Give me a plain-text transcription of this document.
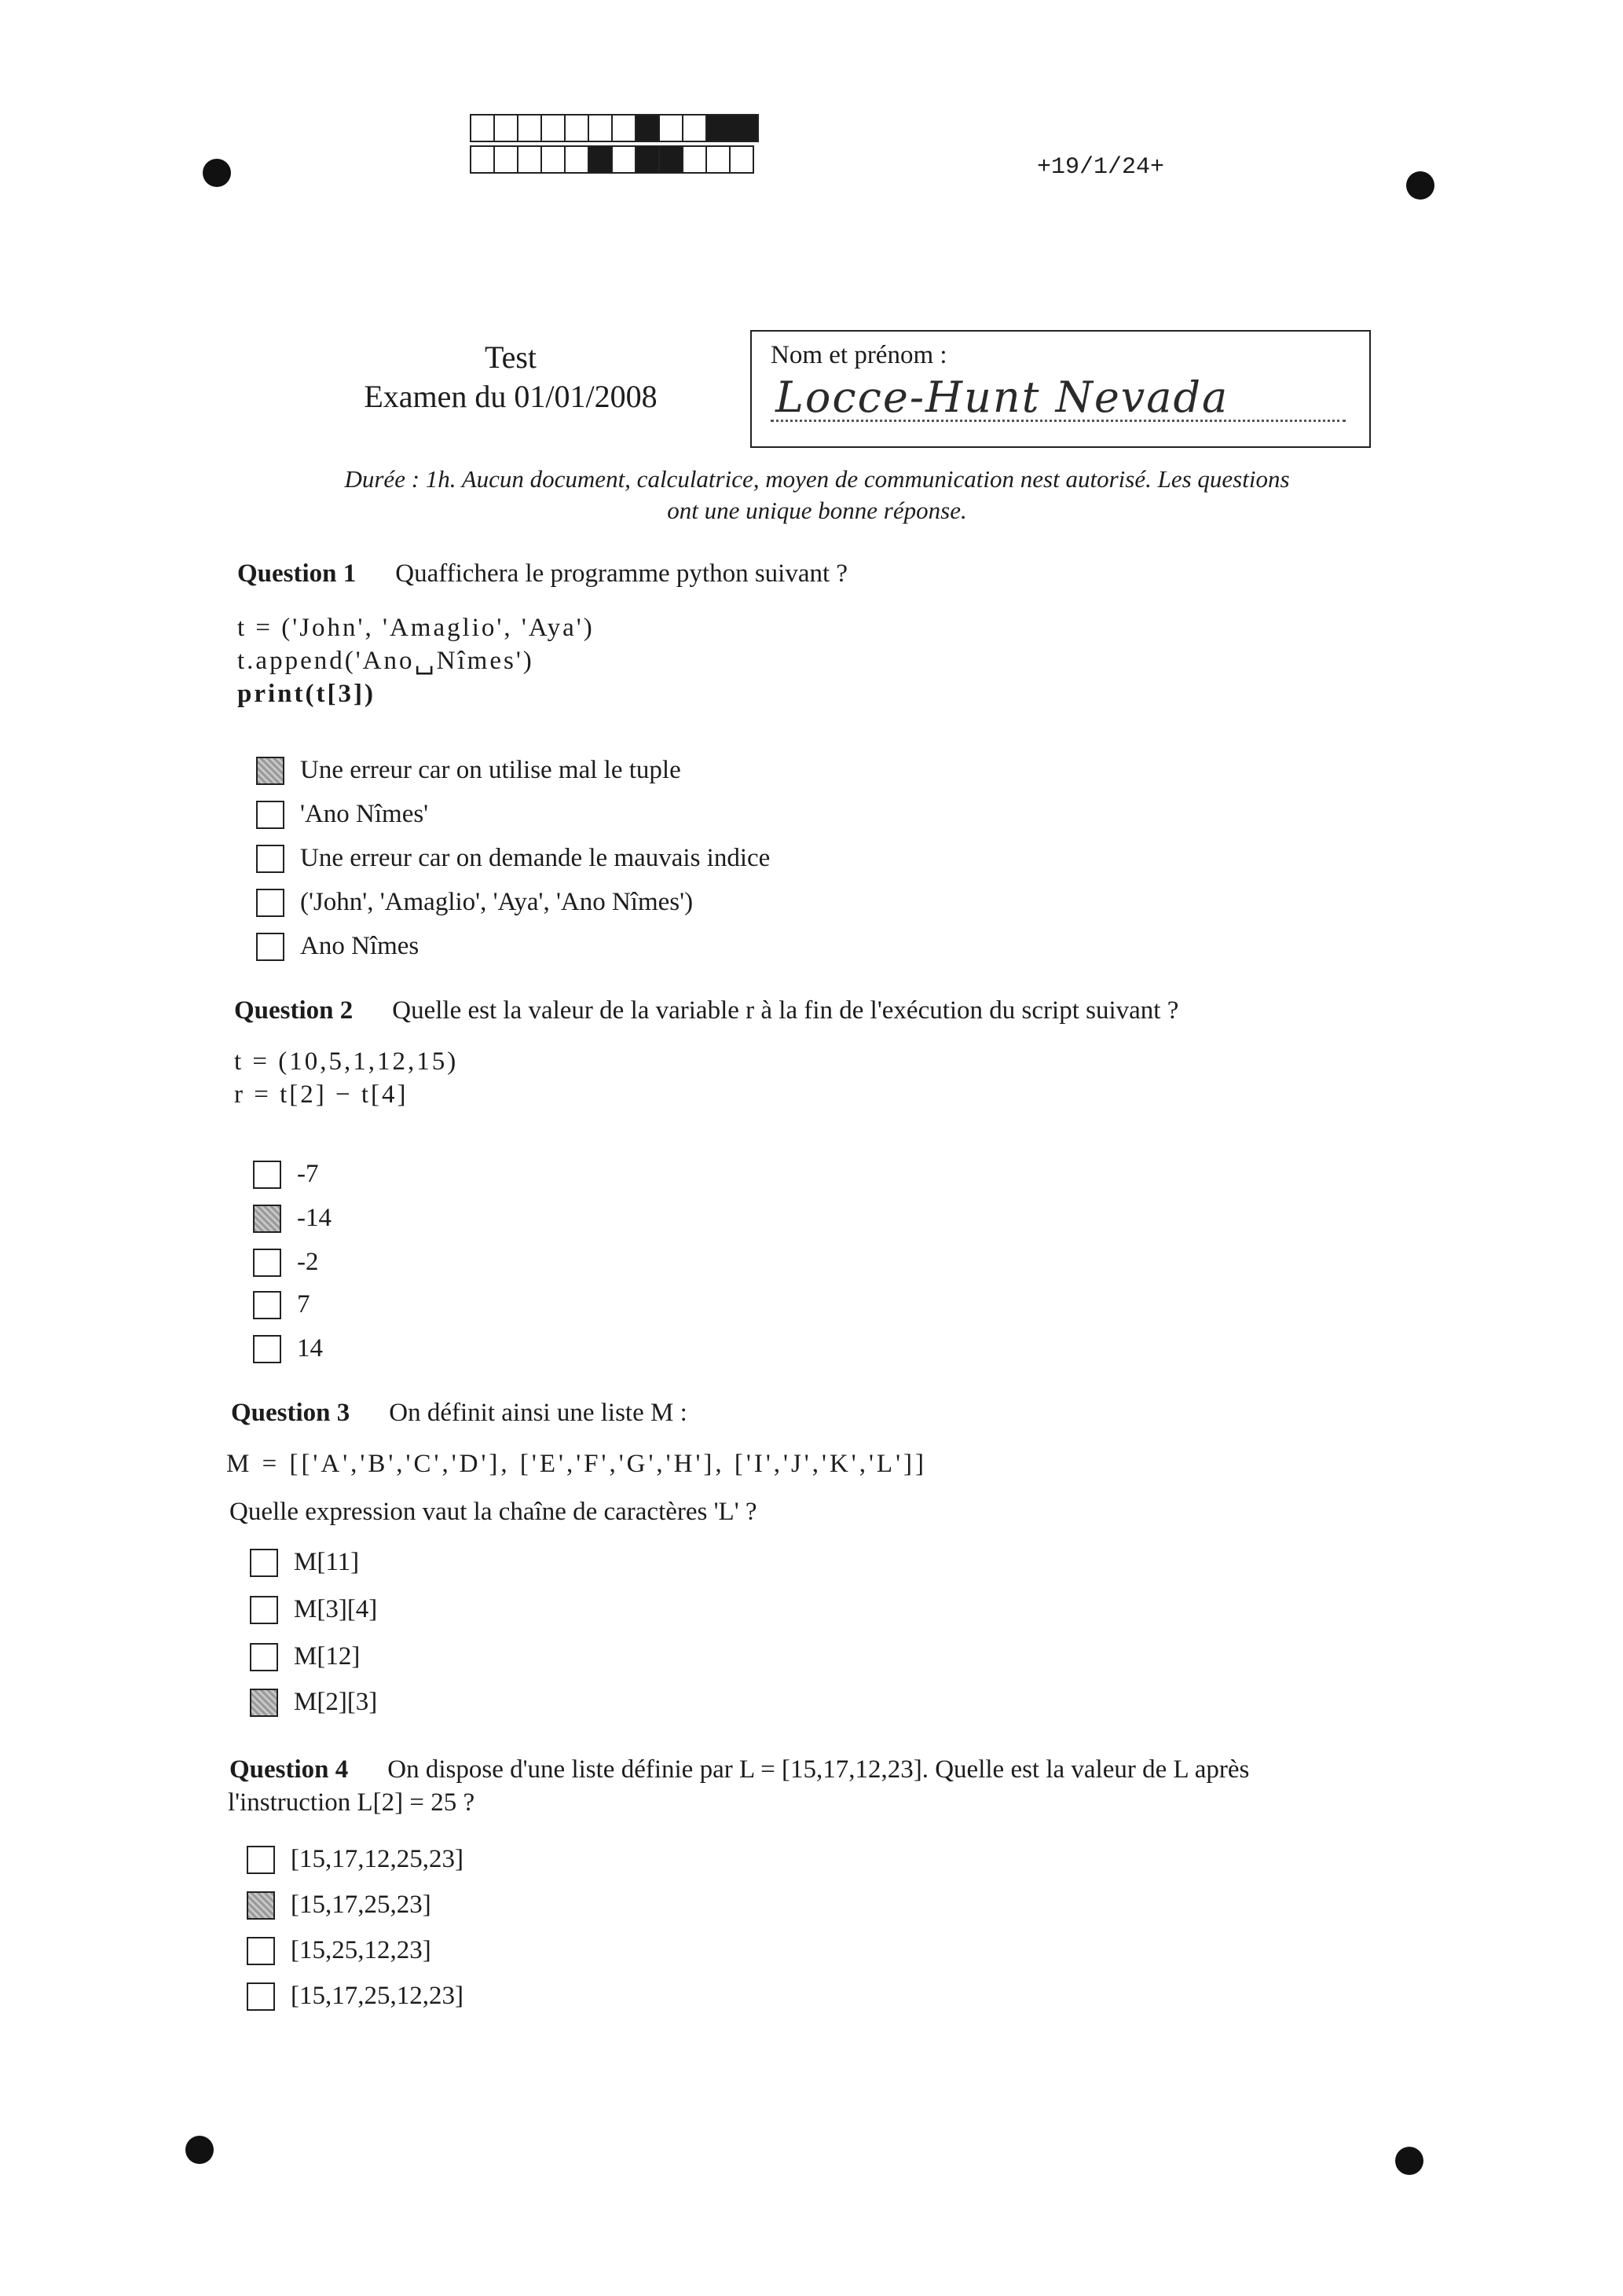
+19/1/24+
Test
Examen du 01/01/2008
Nom et prénom :
Locce-Hunt Nevada
Durée : 1h. Aucun document, calculatrice, moyen de communication nest autorisé. Les questions
ont une unique bonne réponse.
Question 1 Quaffichera le programme python suivant ?
t = ('John', 'Amaglio', 'Aya')
t.append('Ano␣Nîmes')
print(t[3])
Une erreur car on utilise mal le tuple
'Ano Nîmes'
Une erreur car on demande le mauvais indice
('John', 'Amaglio', 'Aya', 'Ano Nîmes')
Ano Nîmes
Question 2 Quelle est la valeur de la variable r à la fin de l'exécution du script suivant ?
t = (10,5,1,12,15)
r = t[2] − t[4]
-7
-14
-2
7
14
Question 3 On définit ainsi une liste M :
M = [['A','B','C','D'], ['E','F','G','H'], ['I','J','K','L']]
Quelle expression vaut la chaîne de caractères 'L' ?
M[11]
M[3][4]
M[12]
M[2][3]
Question 4 On dispose d'une liste définie par L = [15,17,12,23]. Quelle est la valeur de L après
l'instruction L[2] = 25 ?
[15,17,12,25,23]
[15,17,25,23]
[15,25,12,23]
[15,17,25,12,23]
